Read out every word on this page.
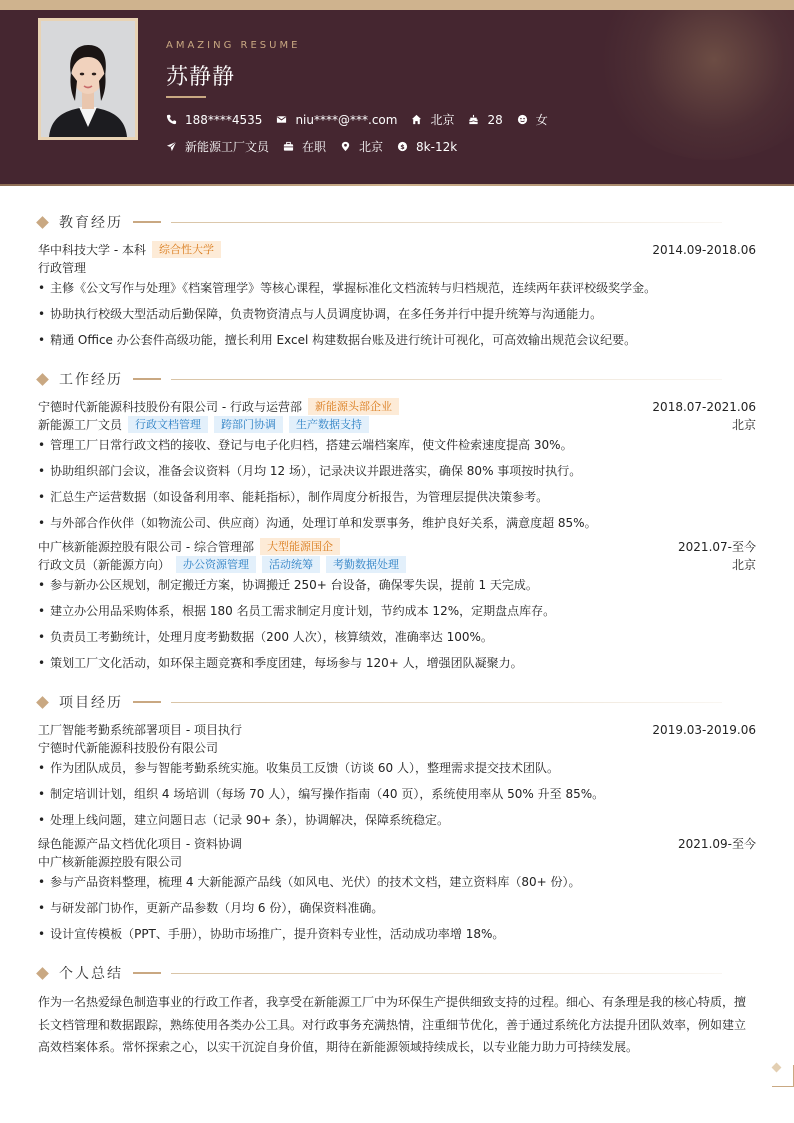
AMAZING RESUME
苏静静
188****4535	niu****@***.com	北京	28	女
新能源工厂文员	在职	北京 $ 8k-12k
教育经历
华中科技大学 - 本科	综合性大学	2014.09-2018.06
行政管理
• 主修《公文写作与处理》《档案管理学》等核心课程，掌握标准化文档流转与归档规范，连续两年获评校级奖学金。
• 协助执行校级大型活动后勤保障，负责物资清点与人员调度协调，在多任务并行中提升统筹与沟通能力。
• 精通 Office 办公套件高级功能，擅长利用 Excel 构建数据台账及进行统计可视化，可高效输出规范会议纪要。
工作经历
宁德时代新能源科技股份有限公司 - 行政与运营部	新能源头部企业	2018.07-2021.06
新能源工厂文员	行政文档管理	跨部门协调	生产数据支持	北京
• 管理工厂日常行政文档的接收、登记与电子化归档，搭建云端档案库，使文件检索速度提高 30%。
• 协助组织部门会议，准备会议资料（月均 12 场），记录决议并跟进落实，确保 80% 事项按时执行。
• 汇总生产运营数据（如设备利用率、能耗指标），制作周度分析报告，为管理层提供决策参考。
• 与外部合作伙伴（如物流公司、供应商）沟通，处理订单和发票事务，维护良好关系，满意度超 85%。
中广核新能源控股有限公司 - 综合管理部	大型能源国企	2021.07-至今
行政文员（新能源方向）	办公资源管理	活动统筹	考勤数据处理	北京
• 参与新办公区规划，制定搬迁方案，协调搬迁 250+ 台设备，确保零失误，提前 1 天完成。
• 建立办公用品采购体系，根据 180 名员工需求制定月度计划，节约成本 12%，定期盘点库存。
• 负责员工考勤统计，处理月度考勤数据（200 人次），核算绩效，准确率达 100%。
• 策划工厂文化活动，如环保主题竞赛和季度团建，每场参与 120+ 人，增强团队凝聚力。
项目经历
工厂智能考勤系统部署项目 - 项目执行	2019.03-2019.06
宁德时代新能源科技股份有限公司
• 作为团队成员，参与智能考勤系统实施。收集员工反馈（访谈 60 人），整理需求提交技术团队。
• 制定培训计划，组织 4 场培训（每场 70 人），编写操作指南（40 页），系统使用率从 50% 升至 85%。
• 处理上线问题，建立问题日志（记录 90+ 条），协调解决，保障系统稳定。
绿色能源产品文档优化项目 - 资料协调	2021.09-至今
中广核新能源控股有限公司
• 参与产品资料整理，梳理 4 大新能源产品线（如风电、光伏）的技术文档，建立资料库（80+ 份）。
• 与研发部门协作，更新产品参数（月均 6 份），确保资料准确。
• 设计宣传模板（PPT、手册），协助市场推广，提升资料专业性，活动成功率增 18%。
个人总结
作为一名热爱绿色制造事业的行政工作者，我享受在新能源工厂中为环保生产提供细致支持的过程。细心、有条理是我的核心特质，擅长文档管理和数据跟踪，熟练使用各类办公工具。对行政事务充满热情，注重细节优化，善于通过系统化方法提升团队效率，例如建立高效档案体系。常怀探索之心，以实干沉淀自身价值，期待在新能源领域持续成长，以专业能力助力可持续发展。
